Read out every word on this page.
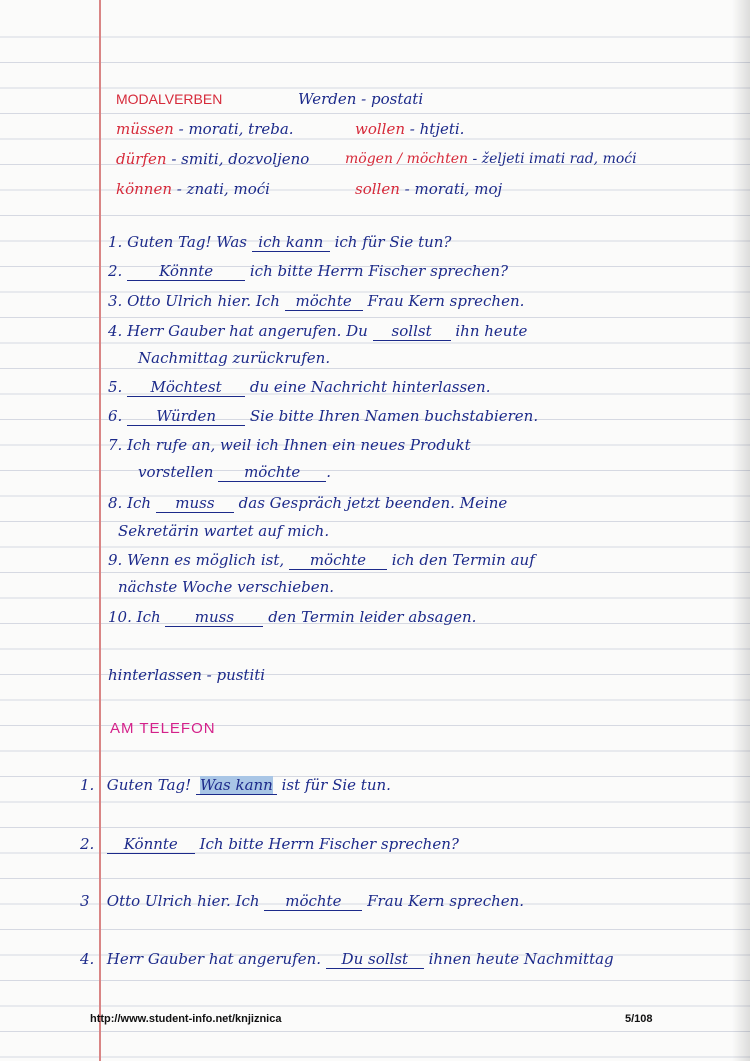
MODALVERBEN	Werden - postati
müssen - morati, treba.	wollen - htjeti.
dürfen - smiti, dozvoljeno	mögen / möchten - željeti imati rad, moći
können - znati, moći	sollen - morati, moj
1. Guten Tag! Was ich kann ich für Sie tun?
2. Könnte ich bitte Herrn Fischer sprechen?
3. Otto Ulrich hier. Ich möchte Frau Kern sprechen.
4. Herr Gauber hat angerufen. Du sollst ihn heute
Nachmittag zurückrufen.
5. Möchtest du eine Nachricht hinterlassen.
6. Würden Sie bitte Ihren Namen buchstabieren.
7. Ich rufe an, weil ich Ihnen ein neues Produkt
vorstellen möchte .
8. Ich muss das Gespräch jetzt beenden. Meine
Sekretärin wartet auf mich.
9. Wenn es möglich ist, möchte ich den Termin auf
nächste Woche verschieben.
10. Ich muss den Termin leider absagen.
hinterlassen - pustiti
AM TELEFON
1. Guten Tag! Was kann ist für Sie tun.
2. Könnte Ich bitte Herrn Fischer sprechen?
3 Otto Ulrich hier. Ich möchte Frau Kern sprechen.
4. Herr Gauber hat angerufen. Du sollst ihnen heute Nachmittag
http://www.student-info.net/knjiznica	5/108
